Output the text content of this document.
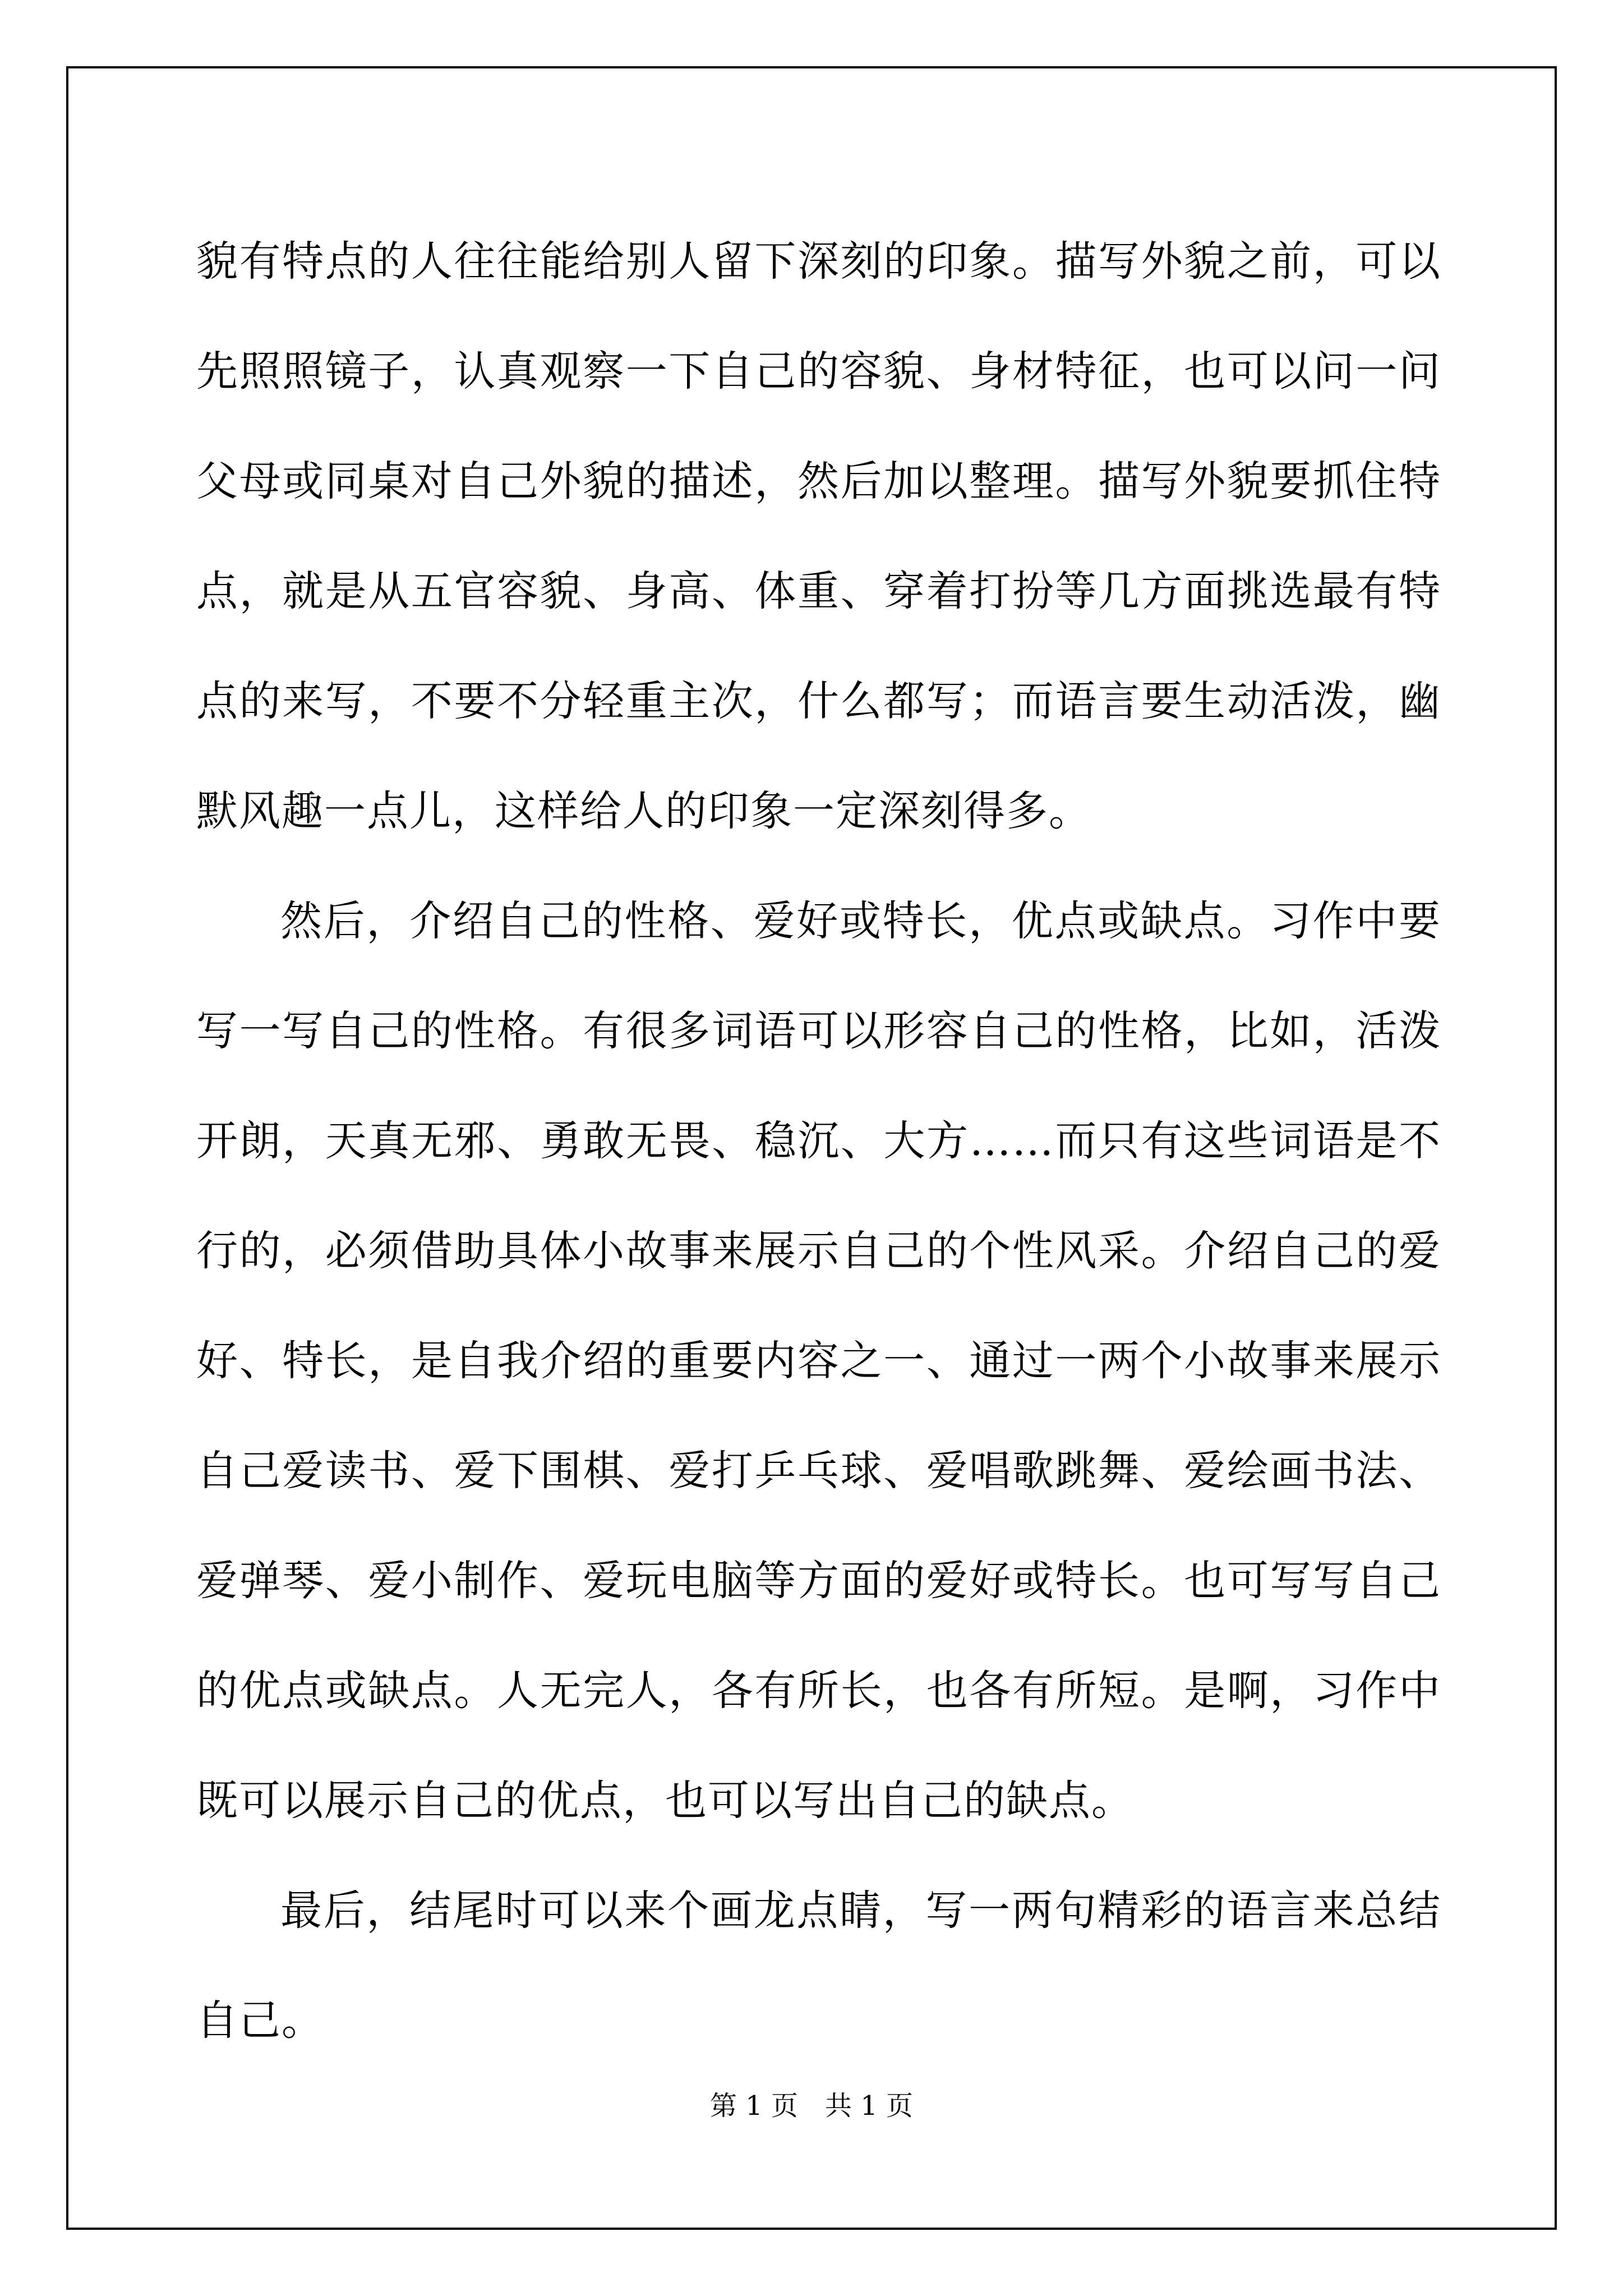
貌有特点的人往往能给别人留下深刻的印象。描写外貌之前，可以先照照镜子，认真观察一下自己的容貌、身材特征，也可以问一问父母或同桌对自己外貌的描述，然后加以整理。描写外貌要抓住特点，就是从五官容貌、身高、体重、穿着打扮等几方面挑选最有特点的来写，不要不分轻重主次，什么都写；而语言要生动活泼，幽默风趣一点儿，这样给人的印象一定深刻得多。

然后，介绍自己的性格、爱好或特长，优点或缺点。习作中要写一写自己的性格。有很多词语可以形容自己的性格，比如，活泼开朗，天真无邪、勇敢无畏、稳沉、大方……而只有这些词语是不行的，必须借助具体小故事来展示自己的个性风采。介绍自己的爱好、特长，是自我介绍的重要内容之一、通过一两个小故事来展示自己爱读书、爱下围棋、爱打乒乓球、爱唱歌跳舞、爱绘画书法、爱弹琴、爱小制作、爱玩电脑等方面的爱好或特长。也可写写自己的优点或缺点。人无完人，各有所长，也各有所短。是啊，习作中既可以展示自己的优点，也可以写出自己的缺点。

最后，结尾时可以来个画龙点睛，写一两句精彩的语言来总结自己。

第 1 页　共 1 页
